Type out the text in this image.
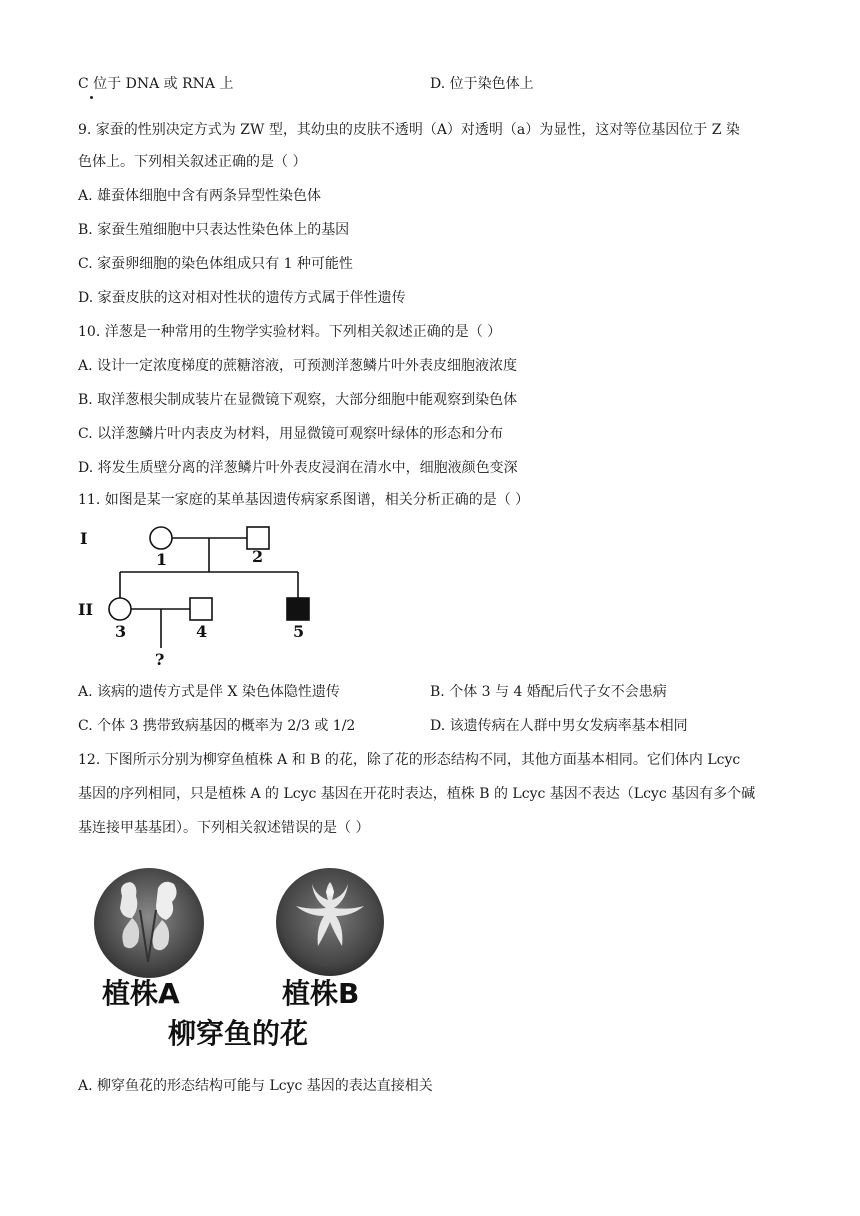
C 位于 DNA 或 RNA 上	D. 位于染色体上
9. 家蚕的性别决定方式为 ZW 型，其幼虫的皮肤不透明（A）对透明（a）为显性，这对等位基因位于 Z 染
色体上。下列相关叙述正确的是（ ）
A. 雄蚕体细胞中含有两条异型性染色体
B. 家蚕生殖细胞中只表达性染色体上的基因
C. 家蚕卵细胞的染色体组成只有 1 种可能性
D. 家蚕皮肤的这对相对性状的遗传方式属于伴性遗传
10. 洋葱是一种常用的生物学实验材料。下列相关叙述正确的是（ ）
A. 设计一定浓度梯度的蔗糖溶液，可预测洋葱鳞片叶外表皮细胞液浓度
B. 取洋葱根尖制成装片在显微镜下观察，大部分细胞中能观察到染色体
C. 以洋葱鳞片叶内表皮为材料，用显微镜可观察叶绿体的形态和分布
D. 将发生质壁分离的洋葱鳞片叶外表皮浸润在清水中，细胞液颜色变深
11. 如图是某一家庭的某单基因遗传病家系图谱，相关分析正确的是（ ）
I
II
1	2
3	4	5
?
A. 该病的遗传方式是伴 X 染色体隐性遗传	B. 个体 3 与 4 婚配后代子女不会患病
C. 个体 3 携带致病基因的概率为 2/3 或 1/2	D. 该遗传病在人群中男女发病率基本相同
12. 下图所示分别为柳穿鱼植株 A 和 B 的花，除了花的形态结构不同，其他方面基本相同。它们体内 Lcyc
基因的序列相同，只是植株 A 的 Lcyc 基因在开花时表达，植株 B 的 Lcyc 基因不表达（Lcyc 基因有多个碱
基连接甲基基团）。下列相关叙述错误的是（ ）
植株A	植株B
柳穿鱼的花
A. 柳穿鱼花的形态结构可能与 Lcyc 基因的表达直接相关
